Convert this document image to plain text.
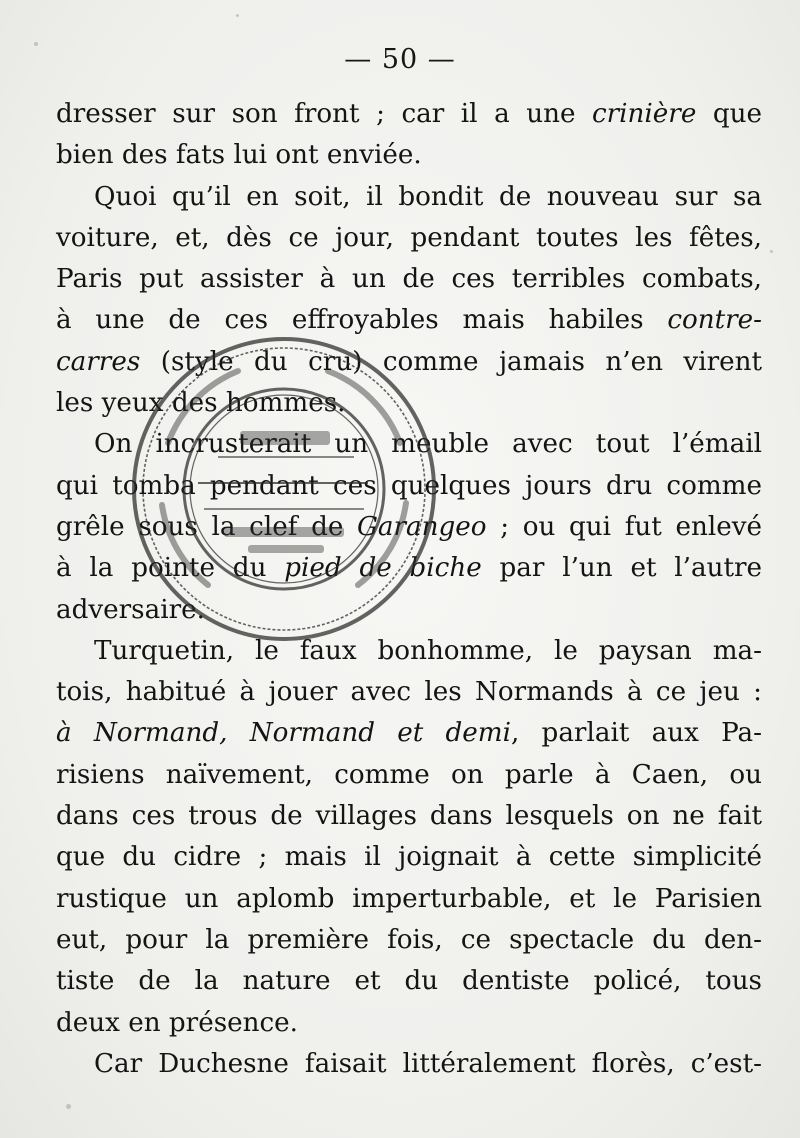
— 50 —
dresser sur son front ; car il a une crinière que
bien des fats lui ont enviée.
Quoi qu’il en soit, il bondit de nouveau sur sa
voiture, et, dès ce jour, pendant toutes les fêtes,
Paris put assister à un de ces terribles combats,
à une de ces effroyables mais habiles contre-
carres (style du cru) comme jamais n’en virent
les yeux des hommes.
On incrusterait un meuble avec tout l’émail
qui tomba pendant ces quelques jours dru comme
grêle sous la clef de Garangeo ; ou qui fut enlevé
à la pointe du pied de biche par l’un et l’autre
adversaire.
Turquetin, le faux bonhomme, le paysan ma-
tois, habitué à jouer avec les Normands à ce jeu :
à Normand, Normand et demi, parlait aux Pa-
risiens naïvement, comme on parle à Caen, ou
dans ces trous de villages dans lesquels on ne fait
que du cidre ; mais il joignait à cette simplicité
rustique un aplomb imperturbable, et le Parisien
eut, pour la première fois, ce spectacle du den-
tiste de la nature et du dentiste policé, tous
deux en présence.
Car Duchesne faisait littéralement florès, c’est-
